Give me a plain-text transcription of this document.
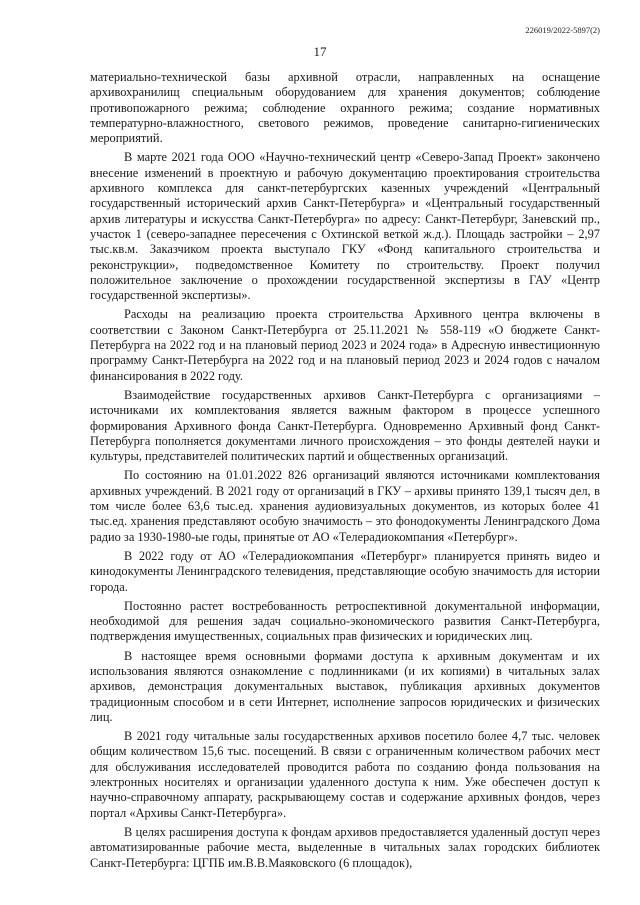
226019/2022-5897(2)
17

материально-технической базы архивной отрасли, направленных на оснащение архивохранилищ специальным оборудованием для хранения документов; соблюдение противопожарного режима; соблюдение охранного режима; создание нормативных температурно-влажностного, светового режимов, проведение санитарно-гигиенических мероприятий.

В марте 2021 года ООО «Научно-технический центр «Северо-Запад Проект» закончено внесение изменений в проектную и рабочую документацию проектирования строительства архивного комплекса для санкт-петербургских казенных учреждений «Центральный государственный исторический архив Санкт-Петербурга» и «Центральный государственный архив литературы и искусства Санкт-Петербурга» по адресу: Санкт-Петербург, Заневский пр., участок 1 (северо-западнее пересечения с Охтинской веткой ж.д.). Площадь застройки – 2,97 тыс.кв.м. Заказчиком проекта выступало ГКУ «Фонд капитального строительства и реконструкции», подведомственное Комитету по строительству. Проект получил положительное заключение о прохождении государственной экспертизы в ГАУ «Центр государственной экспертизы».

Расходы на реализацию проекта строительства Архивного центра включены в соответствии с Законом Санкт-Петербурга от 25.11.2021 № 558-119 «О бюджете Санкт-Петербурга на 2022 год и на плановый период 2023 и 2024 года» в Адресную инвестиционную программу Санкт-Петербурга на 2022 год и на плановый период 2023 и 2024 годов с началом финансирования в 2022 году.

Взаимодействие государственных архивов Санкт-Петербурга с организациями – источниками их комплектования является важным фактором в процессе успешного формирования Архивного фонда Санкт-Петербурга. Одновременно Архивный фонд Санкт-Петербурга пополняется документами личного происхождения – это фонды деятелей науки и культуры, представителей политических партий и общественных организаций.

По состоянию на 01.01.2022 826 организаций являются источниками комплектования архивных учреждений. В 2021 году от организаций в ГКУ – архивы принято 139,1 тысяч дел, в том числе более 63,6 тыс.ед. хранения аудиовизуальных документов, из которых более 41 тыс.ед. хранения представляют особую значимость – это фонодокументы Ленинградского Дома радио за 1930-1980-ые годы, принятые от АО «Телерадиокомпания «Петербург».

В 2022 году от АО «Телерадиокомпания «Петербург» планируется принять видео и кинодокументы Ленинградского телевидения, представляющие особую значимость для истории города.

Постоянно растет востребованность ретроспективной документальной информации, необходимой для решения задач социально-экономического развития Санкт-Петербурга, подтверждения имущественных, социальных прав физических и юридических лиц.

В настоящее время основными формами доступа к архивным документам и их использования являются ознакомление с подлинниками (и их копиями) в читальных залах архивов, демонстрация документальных выставок, публикация архивных документов традиционным способом и в сети Интернет, исполнение запросов юридических и физических лиц.

В 2021 году читальные залы государственных архивов посетило более 4,7 тыс. человек общим количеством 15,6 тыс. посещений. В связи с ограниченным количеством рабочих мест для обслуживания исследователей проводится работа по созданию фонда пользования на электронных носителях и организации удаленного доступа к ним. Уже обеспечен доступ к научно-справочному аппарату, раскрывающему состав и содержание архивных фондов, через портал «Архивы Санкт-Петербурга».

В целях расширения доступа к фондам архивов предоставляется удаленный доступ через автоматизированные рабочие места, выделенные в читальных залах городских библиотек Санкт-Петербурга: ЦГПБ им.В.В.Маяковского (6 площадок),
